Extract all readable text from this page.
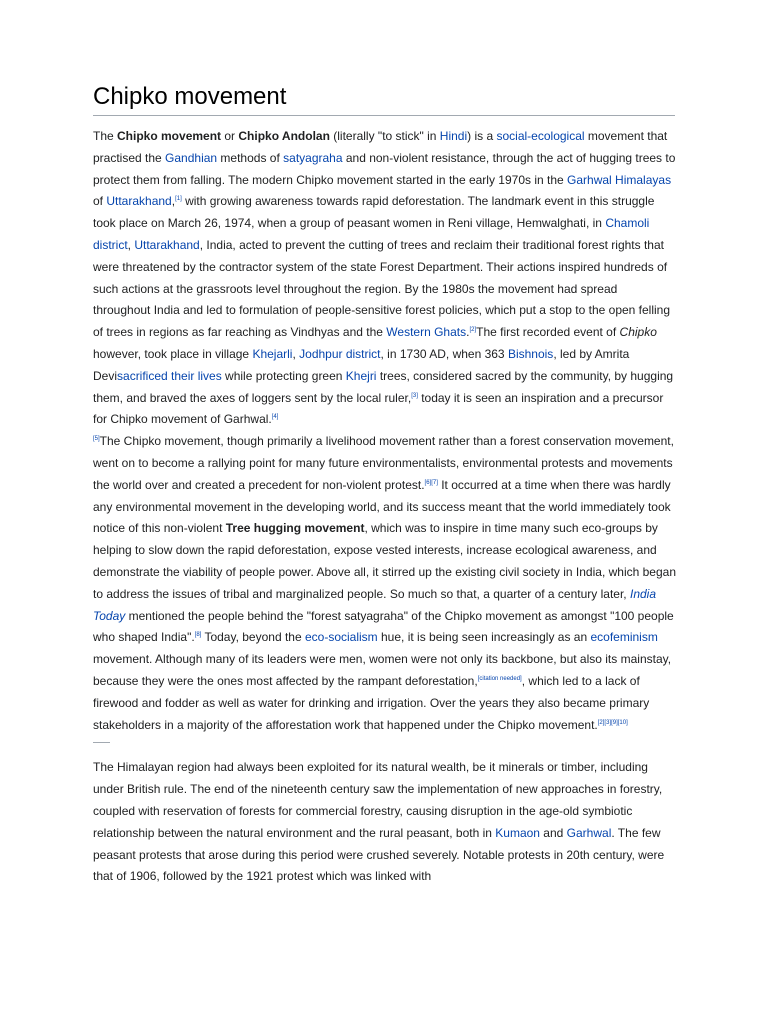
Chipko movement

The Chipko movement or Chipko Andolan (literally "to stick" in Hindi) is a social-ecological movement that practised the Gandhian methods of satyagraha and non-violent resistance, through the act of hugging trees to protect them from falling. The modern Chipko movement started in the early 1970s in the Garhwal Himalayas of Uttarakhand,[1] with growing awareness towards rapid deforestation. The landmark event in this struggle took place on March 26, 1974, when a group of peasant women in Reni village, Hemwalghati, in Chamoli district, Uttarakhand, India, acted to prevent the cutting of trees and reclaim their traditional forest rights that were threatened by the contractor system of the state Forest Department. Their actions inspired hundreds of such actions at the grassroots level throughout the region. By the 1980s the movement had spread throughout India and led to formulation of people-sensitive forest policies, which put a stop to the open felling of trees in regions as far reaching as Vindhyas and the Western Ghats.[2]The first recorded event of Chipko however, took place in village Khejarli, Jodhpur district, in 1730 AD, when 363 Bishnois, led by Amrita Devisacrificed their lives while protecting green Khejri trees, considered sacred by the community, by hugging them, and braved the axes of loggers sent by the local ruler,[3] today it is seen an inspiration and a precursor for Chipko movement of Garhwal.[4]
[5]The Chipko movement, though primarily a livelihood movement rather than a forest conservation movement, went on to become a rallying point for many future environmentalists, environmental protests and movements the world over and created a precedent for non-violent protest.[6][7] It occurred at a time when there was hardly any environmental movement in the developing world, and its success meant that the world immediately took notice of this non-violent Tree hugging movement, which was to inspire in time many such eco-groups by helping to slow down the rapid deforestation, expose vested interests, increase ecological awareness, and demonstrate the viability of people power. Above all, it stirred up the existing civil society in India, which began to address the issues of tribal and marginalized people. So much so that, a quarter of a century later, India Today mentioned the people behind the "forest satyagraha" of the Chipko movement as amongst "100 people who shaped India".[8] Today, beyond the eco-socialism hue, it is being seen increasingly as an ecofeminism movement. Although many of its leaders were men, women were not only its backbone, but also its mainstay, because they were the ones most affected by the rampant deforestation,[citation needed], which led to a lack of firewood and fodder as well as water for drinking and irrigation. Over the years they also became primary stakeholders in a majority of the afforestation work that happened under the Chipko movement.[2][3][9][10]

The Himalayan region had always been exploited for its natural wealth, be it minerals or timber, including under British rule. The end of the nineteenth century saw the implementation of new approaches in forestry, coupled with reservation of forests for commercial forestry, causing disruption in the age-old symbiotic relationship between the natural environment and the rural peasant, both in Kumaon and Garhwal. The few peasant protests that arose during this period were crushed severely. Notable protests in 20th century, were that of 1906, followed by the 1921 protest which was linked with
